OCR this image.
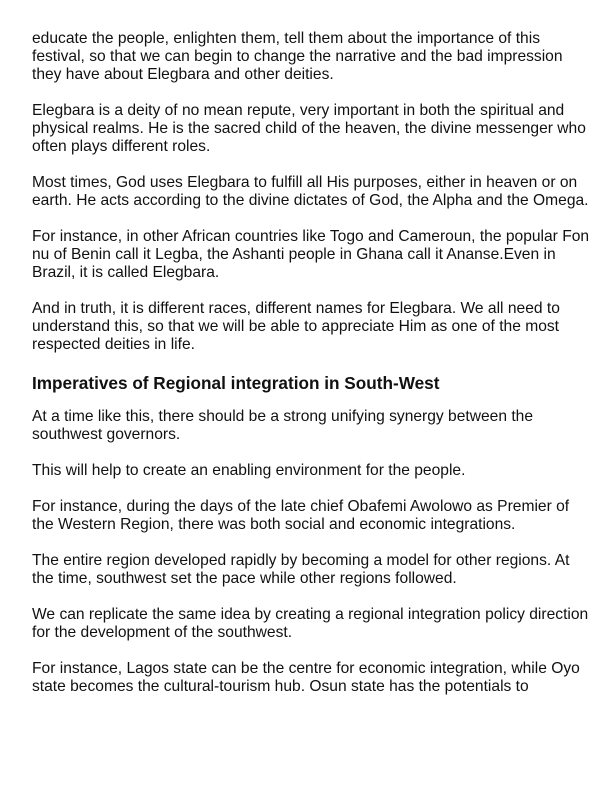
educate the people, enlighten them, tell them about the importance of this festival, so that we can begin to change the narrative and the bad impression they have about Elegbara and other deities.

Elegbara is a deity of no mean repute, very important in both the spiritual and physical realms. He is the sacred child of the heaven, the divine messenger who often plays different roles.

Most times, God uses Elegbara to fulfill all His purposes, either in heaven or on earth. He acts according to the divine dictates of God, the Alpha and the Omega.

For instance, in other African countries like Togo and Cameroun, the popular Fon nu of Benin call it Legba, the Ashanti people in Ghana call it Ananse.Even in Brazil, it is called Elegbara.

And in truth, it is different races, different names for Elegbara. We all need to understand this, so that we will be able to appreciate Him as one of the most respected deities in life.

Imperatives of Regional integration in South-West

At a time like this, there should be a strong unifying synergy between the southwest governors.

This will help to create an enabling environment for the people.

For instance, during the days of the late chief Obafemi Awolowo as Premier of the Western Region, there was both social and economic integrations.

The entire region developed rapidly by becoming a model for other regions. At the time, southwest set the pace while other regions followed.

We can replicate the same idea by creating a regional integration policy direction for the development of the southwest.

For instance, Lagos state can be the centre for economic integration, while Oyo state becomes the cultural-tourism hub. Osun state has the potentials to
